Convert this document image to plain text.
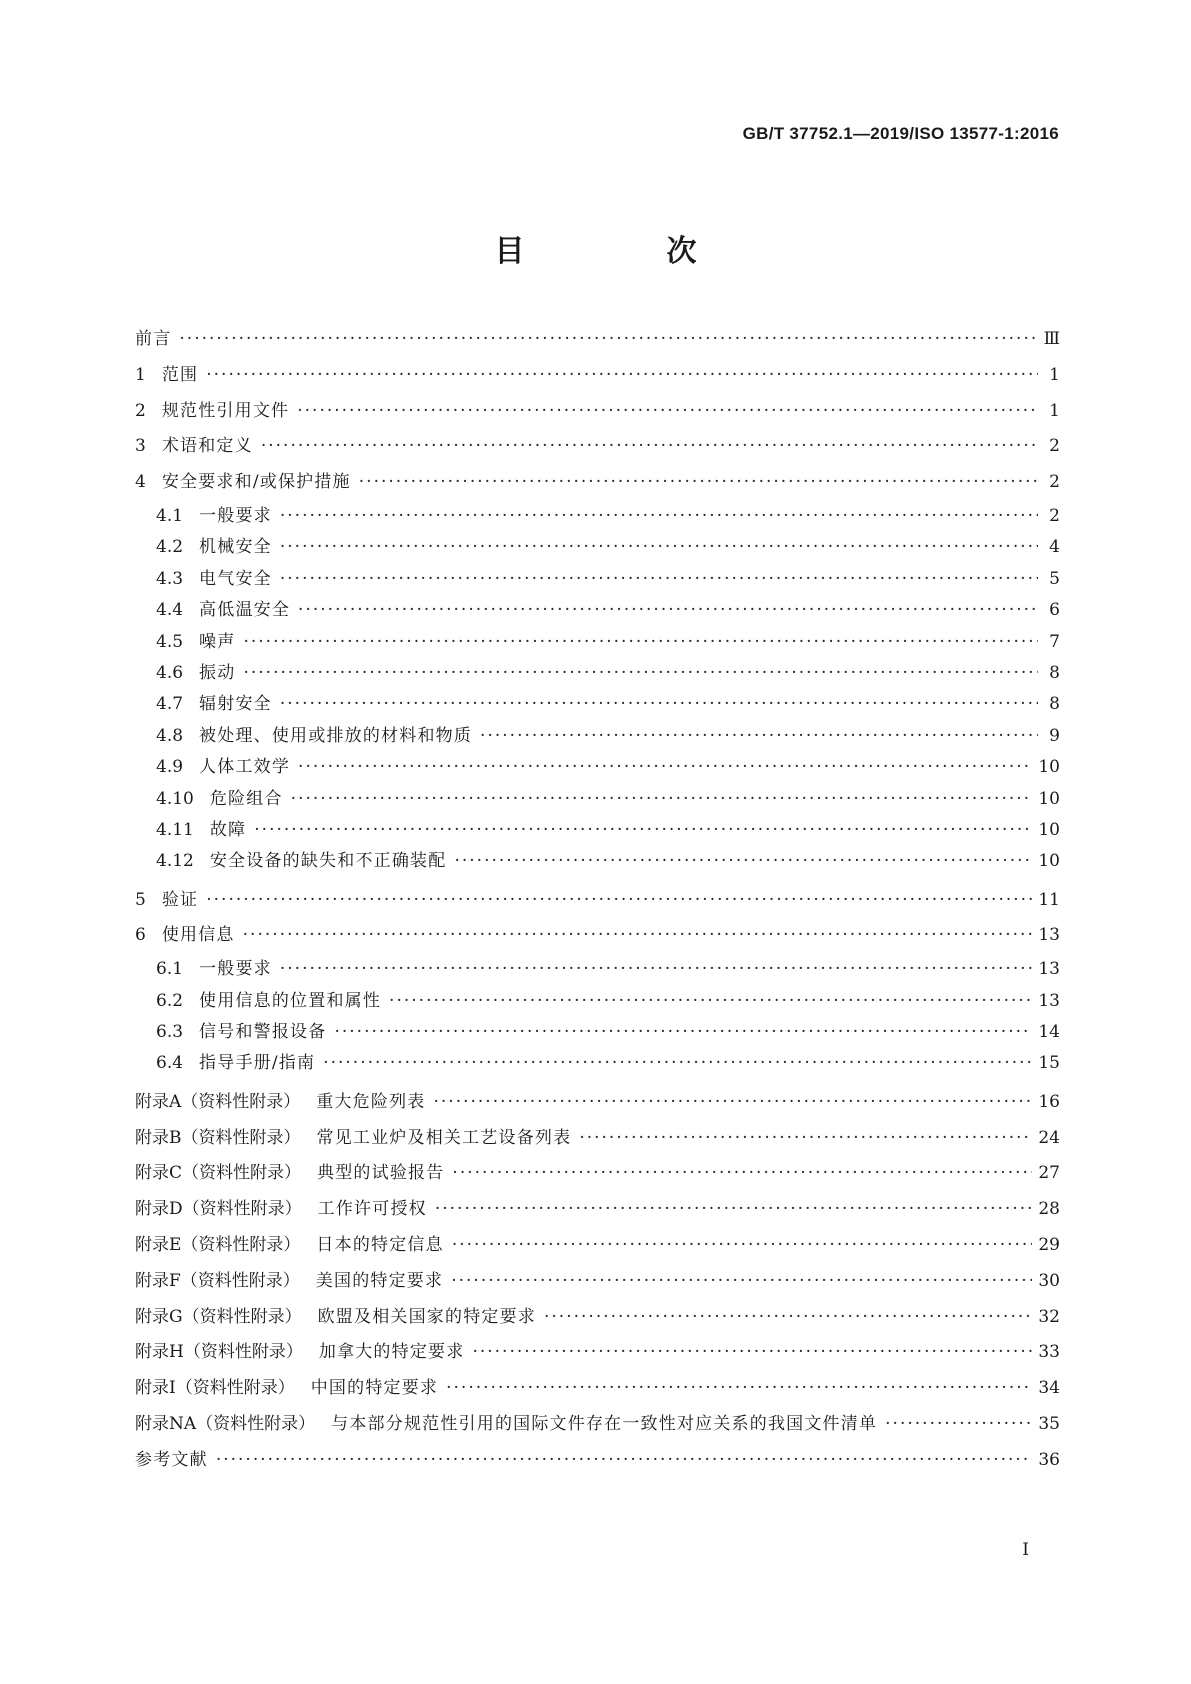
GB/T 37752.1—2019/ISO 13577-1:2016
目　次
前言 ·····	Ⅲ
1 范围 ·····	1
2 规范性引用文件 ·····	1
3 术语和定义 ·····	2
4 安全要求和/或保护措施 ·····	2
4.1 一般要求 ·····	2
4.2 机械安全 ·····	4
4.3 电气安全 ·····	5
4.4 高低温安全 ·····	6
4.5 噪声 ·····	7
4.6 振动 ·····	8
4.7 辐射安全 ·····	8
4.8 被处理、使用或排放的材料和物质 ·····	9
4.9 人体工效学 ·····	10
4.10 危险组合 ·····	10
4.11 故障 ·····	10
4.12 安全设备的缺失和不正确装配 ·····	10
5 验证 ·····	11
6 使用信息 ·····	13
6.1 一般要求 ·····	13
6.2 使用信息的位置和属性 ·····	13
6.3 信号和警报设备 ·····	14
6.4 指导手册/指南 ·····	15
附录A（资料性附录） 重大危险列表 ·····	16
附录B（资料性附录） 常见工业炉及相关工艺设备列表 ·····	24
附录C（资料性附录） 典型的试验报告 ·····	27
附录D（资料性附录） 工作许可授权 ·····	28
附录E（资料性附录） 日本的特定信息 ·····	29
附录F（资料性附录） 美国的特定要求 ·····	30
附录G（资料性附录） 欧盟及相关国家的特定要求 ·····	32
附录H（资料性附录） 加拿大的特定要求 ·····	33
附录I（资料性附录） 中国的特定要求 ·····	34
附录NA（资料性附录） 与本部分规范性引用的国际文件存在一致性对应关系的我国文件清单 ·····	35
参考文献 ·····	36
I
